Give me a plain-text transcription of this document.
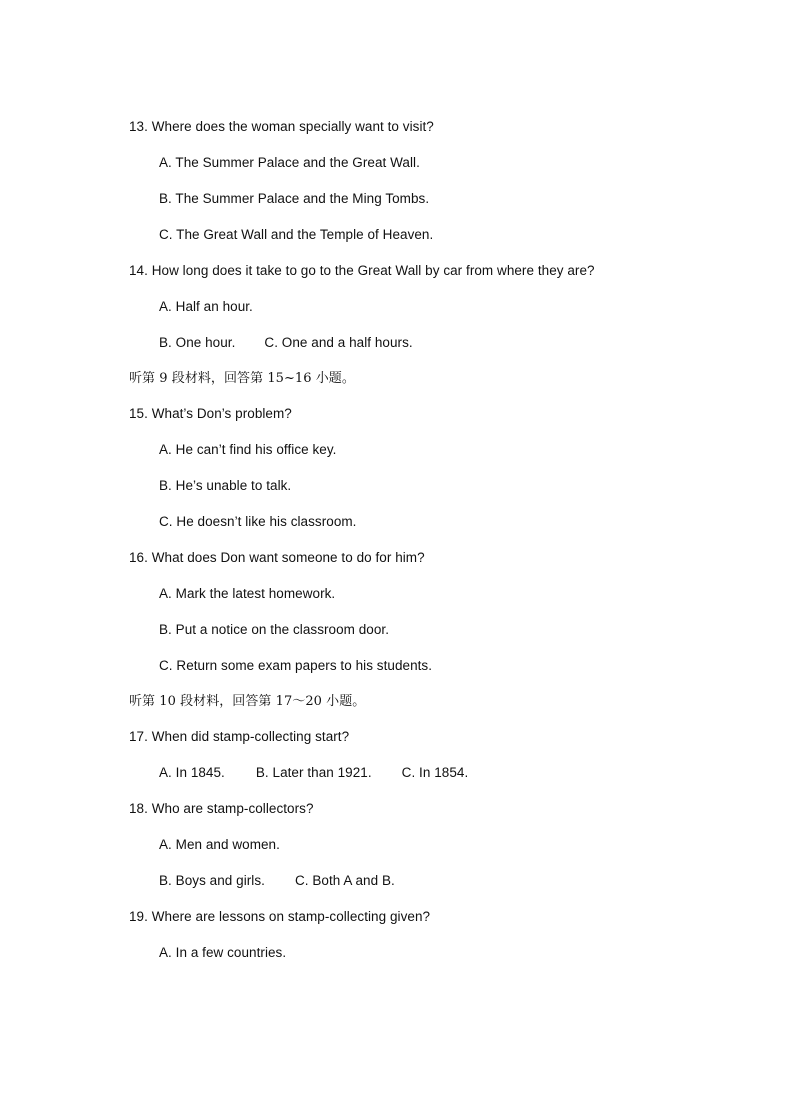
13. Where does the woman specially want to visit?
A. The Summer Palace and the Great Wall.
B. The Summer Palace and the Ming Tombs.
C. The Great Wall and the Temple of Heaven.
14. How long does it take to go to the Great Wall by car from where they are?
A. Half an hour.
B. One hour. C. One and a half hours.
听第 9 段材料，回答第 15~16 小题。
15. What’s Don’s problem?
A. He can’t find his office key.
B. He’s unable to talk.
C. He doesn’t like his classroom.
16. What does Don want someone to do for him?
A. Mark the latest homework.
B. Put a notice on the classroom door.
C. Return some exam papers to his students.
听第 10 段材料，回答第 17～20 小题。
17. When did stamp-collecting start?
A. In 1845. B. Later than 1921. C. In 1854.
18. Who are stamp-collectors?
A. Men and women.
B. Boys and girls. C. Both A and B.
19. Where are lessons on stamp-collecting given?
A. In a few countries.
